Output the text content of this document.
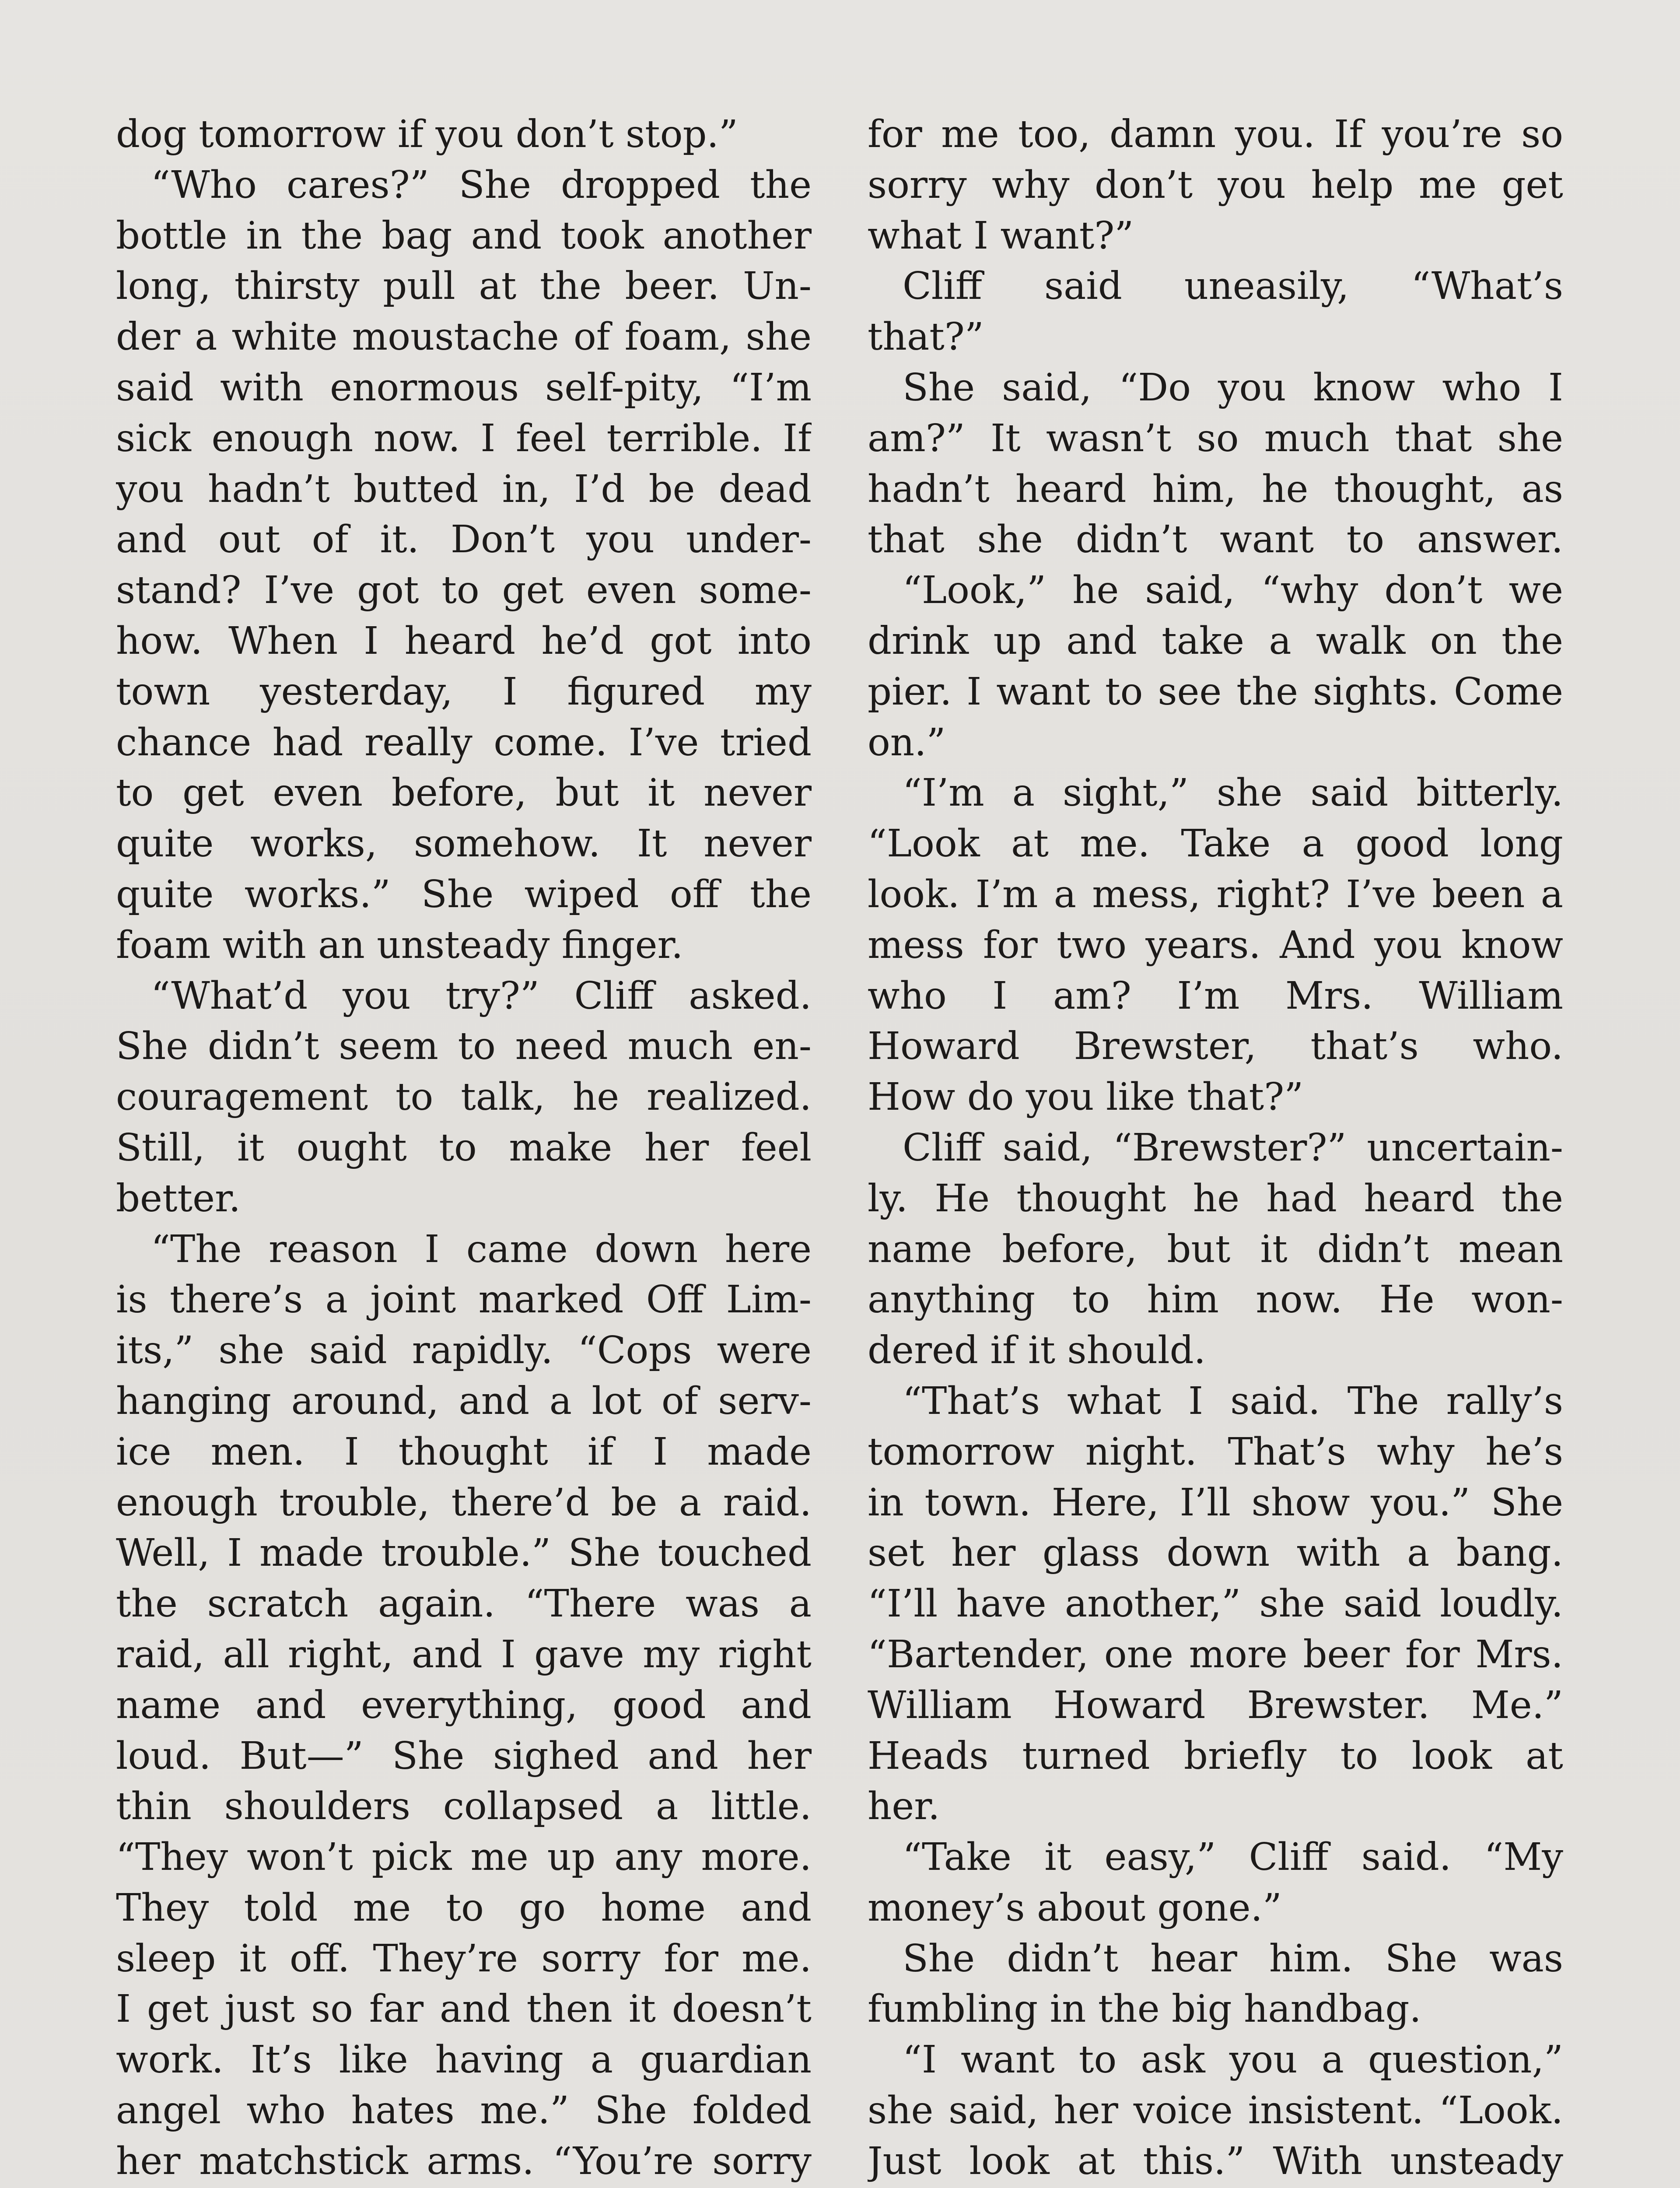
dog tomorrow if you don’t stop.”
“Who cares?” She dropped the
bottle in the bag and took another
long, thirsty pull at the beer. Un-
der a white moustache of foam, she
said with enormous self-pity, “I’m
sick enough now. I feel terrible. If
you hadn’t butted in, I’d be dead
and out of it. Don’t you under-
stand? I’ve got to get even some-
how. When I heard he’d got into
town yesterday, I figured my
chance had really come. I’ve tried
to get even before, but it never
quite works, somehow. It never
quite works.” She wiped off the
foam with an unsteady finger.
“What’d you try?” Cliff asked.
She didn’t seem to need much en-
couragement to talk, he realized.
Still, it ought to make her feel
better.
“The reason I came down here
is there’s a joint marked Off Lim-
its,” she said rapidly. “Cops were
hanging around, and a lot of serv-
ice men. I thought if I made
enough trouble, there’d be a raid.
Well, I made trouble.” She touched
the scratch again. “There was a
raid, all right, and I gave my right
name and everything, good and
loud. But—” She sighed and her
thin shoulders collapsed a little.
“They won’t pick me up any more.
They told me to go home and
sleep it off. They’re sorry for me.
I get just so far and then it doesn’t
work. It’s like having a guardian
angel who hates me.” She folded
her matchstick arms. “You’re sorry
for me too, damn you. If you’re so
sorry why don’t you help me get
what I want?”
Cliff said uneasily, “What’s
that?”
She said, “Do you know who I
am?” It wasn’t so much that she
hadn’t heard him, he thought, as
that she didn’t want to answer.
“Look,” he said, “why don’t we
drink up and take a walk on the
pier. I want to see the sights. Come
on.”
“I’m a sight,” she said bitterly.
“Look at me. Take a good long
look. I’m a mess, right? I’ve been a
mess for two years. And you know
who I am? I’m Mrs. William
Howard Brewster, that’s who.
How do you like that?”
Cliff said, “Brewster?” uncertain-
ly. He thought he had heard the
name before, but it didn’t mean
anything to him now. He won-
dered if it should.
“That’s what I said. The rally’s
tomorrow night. That’s why he’s
in town. Here, I’ll show you.” She
set her glass down with a bang.
“I’ll have another,” she said loudly.
“Bartender, one more beer for Mrs.
William Howard Brewster. Me.”
Heads turned briefly to look at
her.
“Take it easy,” Cliff said. “My
money’s about gone.”
She didn’t hear him. She was
fumbling in the big handbag.
“I want to ask you a question,”
she said, her voice insistent. “Look.
Just look at this.” With unsteady
